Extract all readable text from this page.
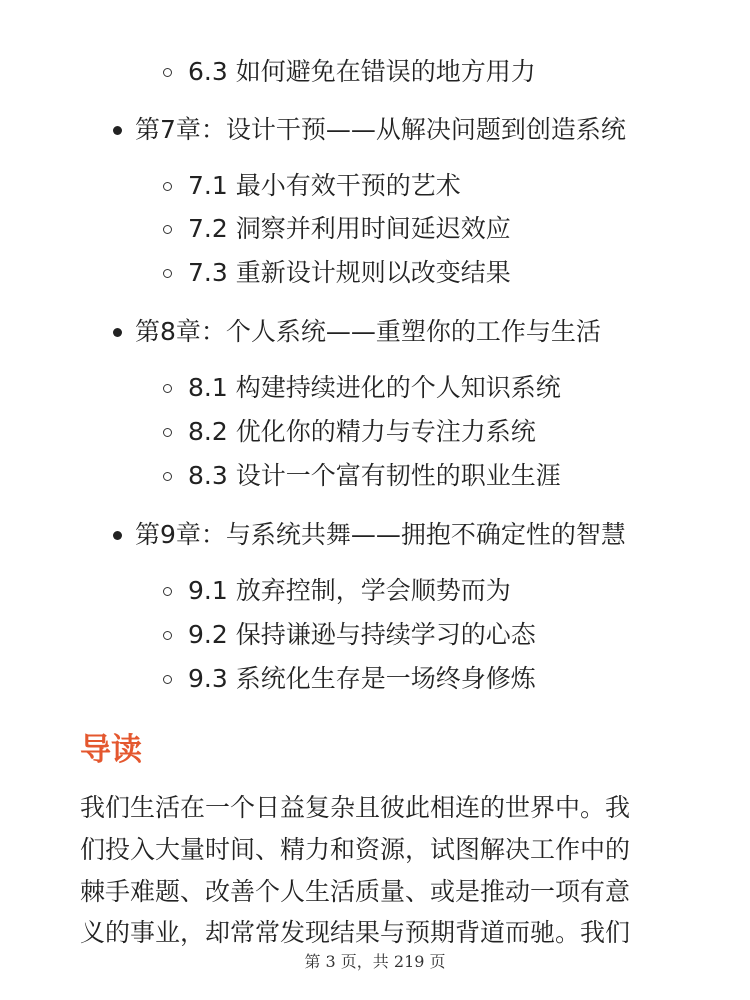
6.3 如何避免在错误的地方用力
第7章：设计干预——从解决问题到创造系统
7.1 最小有效干预的艺术
7.2 洞察并利用时间延迟效应
7.3 重新设计规则以改变结果
第8章：个人系统——重塑你的工作与生活
8.1 构建持续进化的个人知识系统
8.2 优化你的精力与专注力系统
8.3 设计一个富有韧性的职业生涯
第9章：与系统共舞——拥抱不确定性的智慧
9.1 放弃控制，学会顺势而为
9.2 保持谦逊与持续学习的心态
9.3 系统化生存是一场终身修炼
导读
我们生活在一个日益复杂且彼此相连的世界中。我
们投入大量时间、精力和资源，试图解决工作中的
棘手难题、改善个人生活质量、或是推动一项有意
义的事业，却常常发现结果与预期背道而驰。我们
第 3 页，共 219 页
